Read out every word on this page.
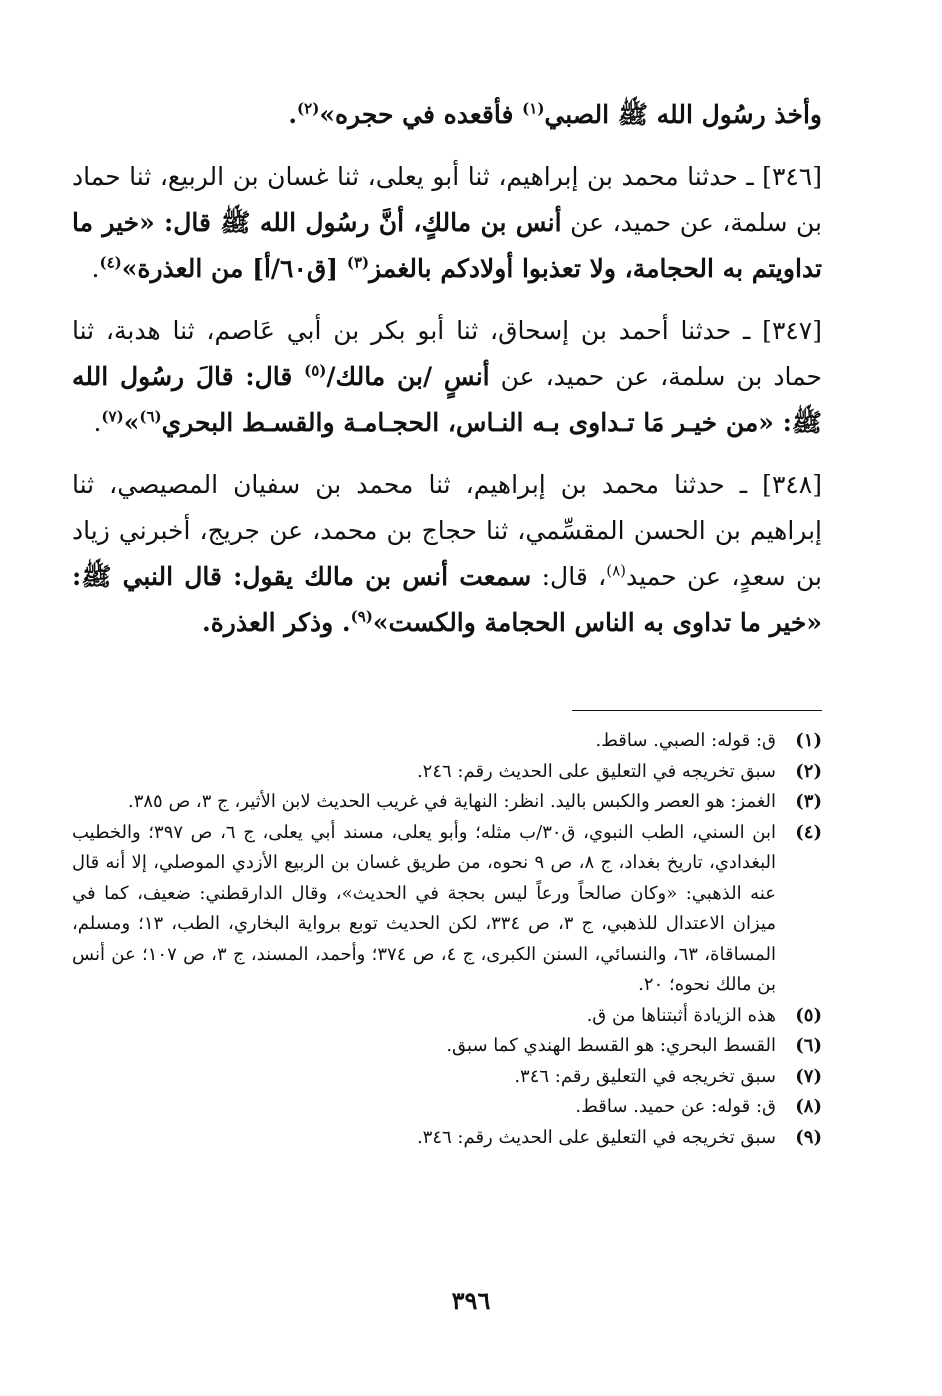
وأخذ رسُول الله ﷺ الصبي$^{(١)}$ فأقعده في حجره»$^{(٢)}$.

[٣٤٦] ـ حدثنا محمد بن إبراهيم، ثنا أبو يعلى، ثنا غسان بن الربيع، ثنا حماد بن سلمة، عن حميد، عن أنس بن مالكٍ، أنَّ رسُول الله ﷺ قال: «خير ما تداويتم به الحجامة، ولا تعذبوا أولادكم بالغمز$^{(٣)}$ [ق٦٠/أ] من العذرة»$^{(٤)}$.

[٣٤٧] ـ حدثنا أحمد بن إسحاق، ثنا أبو بكر بن أبي عَاصم، ثنا هدبة، ثنا حماد بن سلمة، عن حميد، عن أنسٍ /بن مالك/$^{(٥)}$ قال: قالَ رسُول الله ﷺ: «من خيـر مَا تـداوى بـه النـاس، الحجـامـة والقسـط البحري$^{(٦)}$»$^{(٧)}$.

[٣٤٨] ـ حدثنا محمد بن إبراهيم، ثنا محمد بن سفيان المصيصي، ثنا إبراهيم بن الحسن المقسِّمي، ثنا حجاج بن محمد، عن جريج، أخبرني زياد بن سعدٍ، عن حميد$^{(٨)}$، قال: سمعت أنس بن مالك يقول: قال النبي ﷺ: «خير ما تداوى به الناس الحجامة والكست»$^{(٩)}$. وذكر العذرة.

(١)
ق: قوله: الصبي. ساقط.
(٢)
سبق تخريجه في التعليق على الحديث رقم: ٢٤٦.
(٣)
الغمز: هو العصر والكبس باليد. انظر: النهاية في غريب الحديث لابن الأثير، ج ٣، ص ٣٨٥.
(٤)
ابن السني، الطب النبوي، ق٣٠/ب مثله؛ وأبو يعلى، مسند أبي يعلى، ج ٦، ص ٣٩٧؛ والخطيب البغدادي، تاريخ بغداد، ج ٨، ص ٩ نحوه، من طريق غسان بن الربيع الأزدي الموصلي، إلا أنه قال عنه الذهبي: «وكان صالحاً ورعاً ليس بحجة في الحديث»، وقال الدارقطني: ضعيف، كما في ميزان الاعتدال للذهبي، ج ٣، ص ٣٣٤، لكن الحديث توبع برواية البخاري، الطب، ١٣؛ ومسلم، المساقاة، ٦٣، والنسائي، السنن الكبرى، ج ٤، ص ٣٧٤؛ وأحمد، المسند، ج ٣، ص ١٠٧؛ عن أنس بن مالك نحوه؛ ٢٠.
(٥)
هذه الزيادة أثبتناها من ق.
(٦)
القسط البحري: هو القسط الهندي كما سبق.
(٧)
سبق تخريجه في التعليق رقم: ٣٤٦.
(٨)
ق: قوله: عن حميد. ساقط.
(٩)
سبق تخريجه في التعليق على الحديث رقم: ٣٤٦.
٣٩٦
